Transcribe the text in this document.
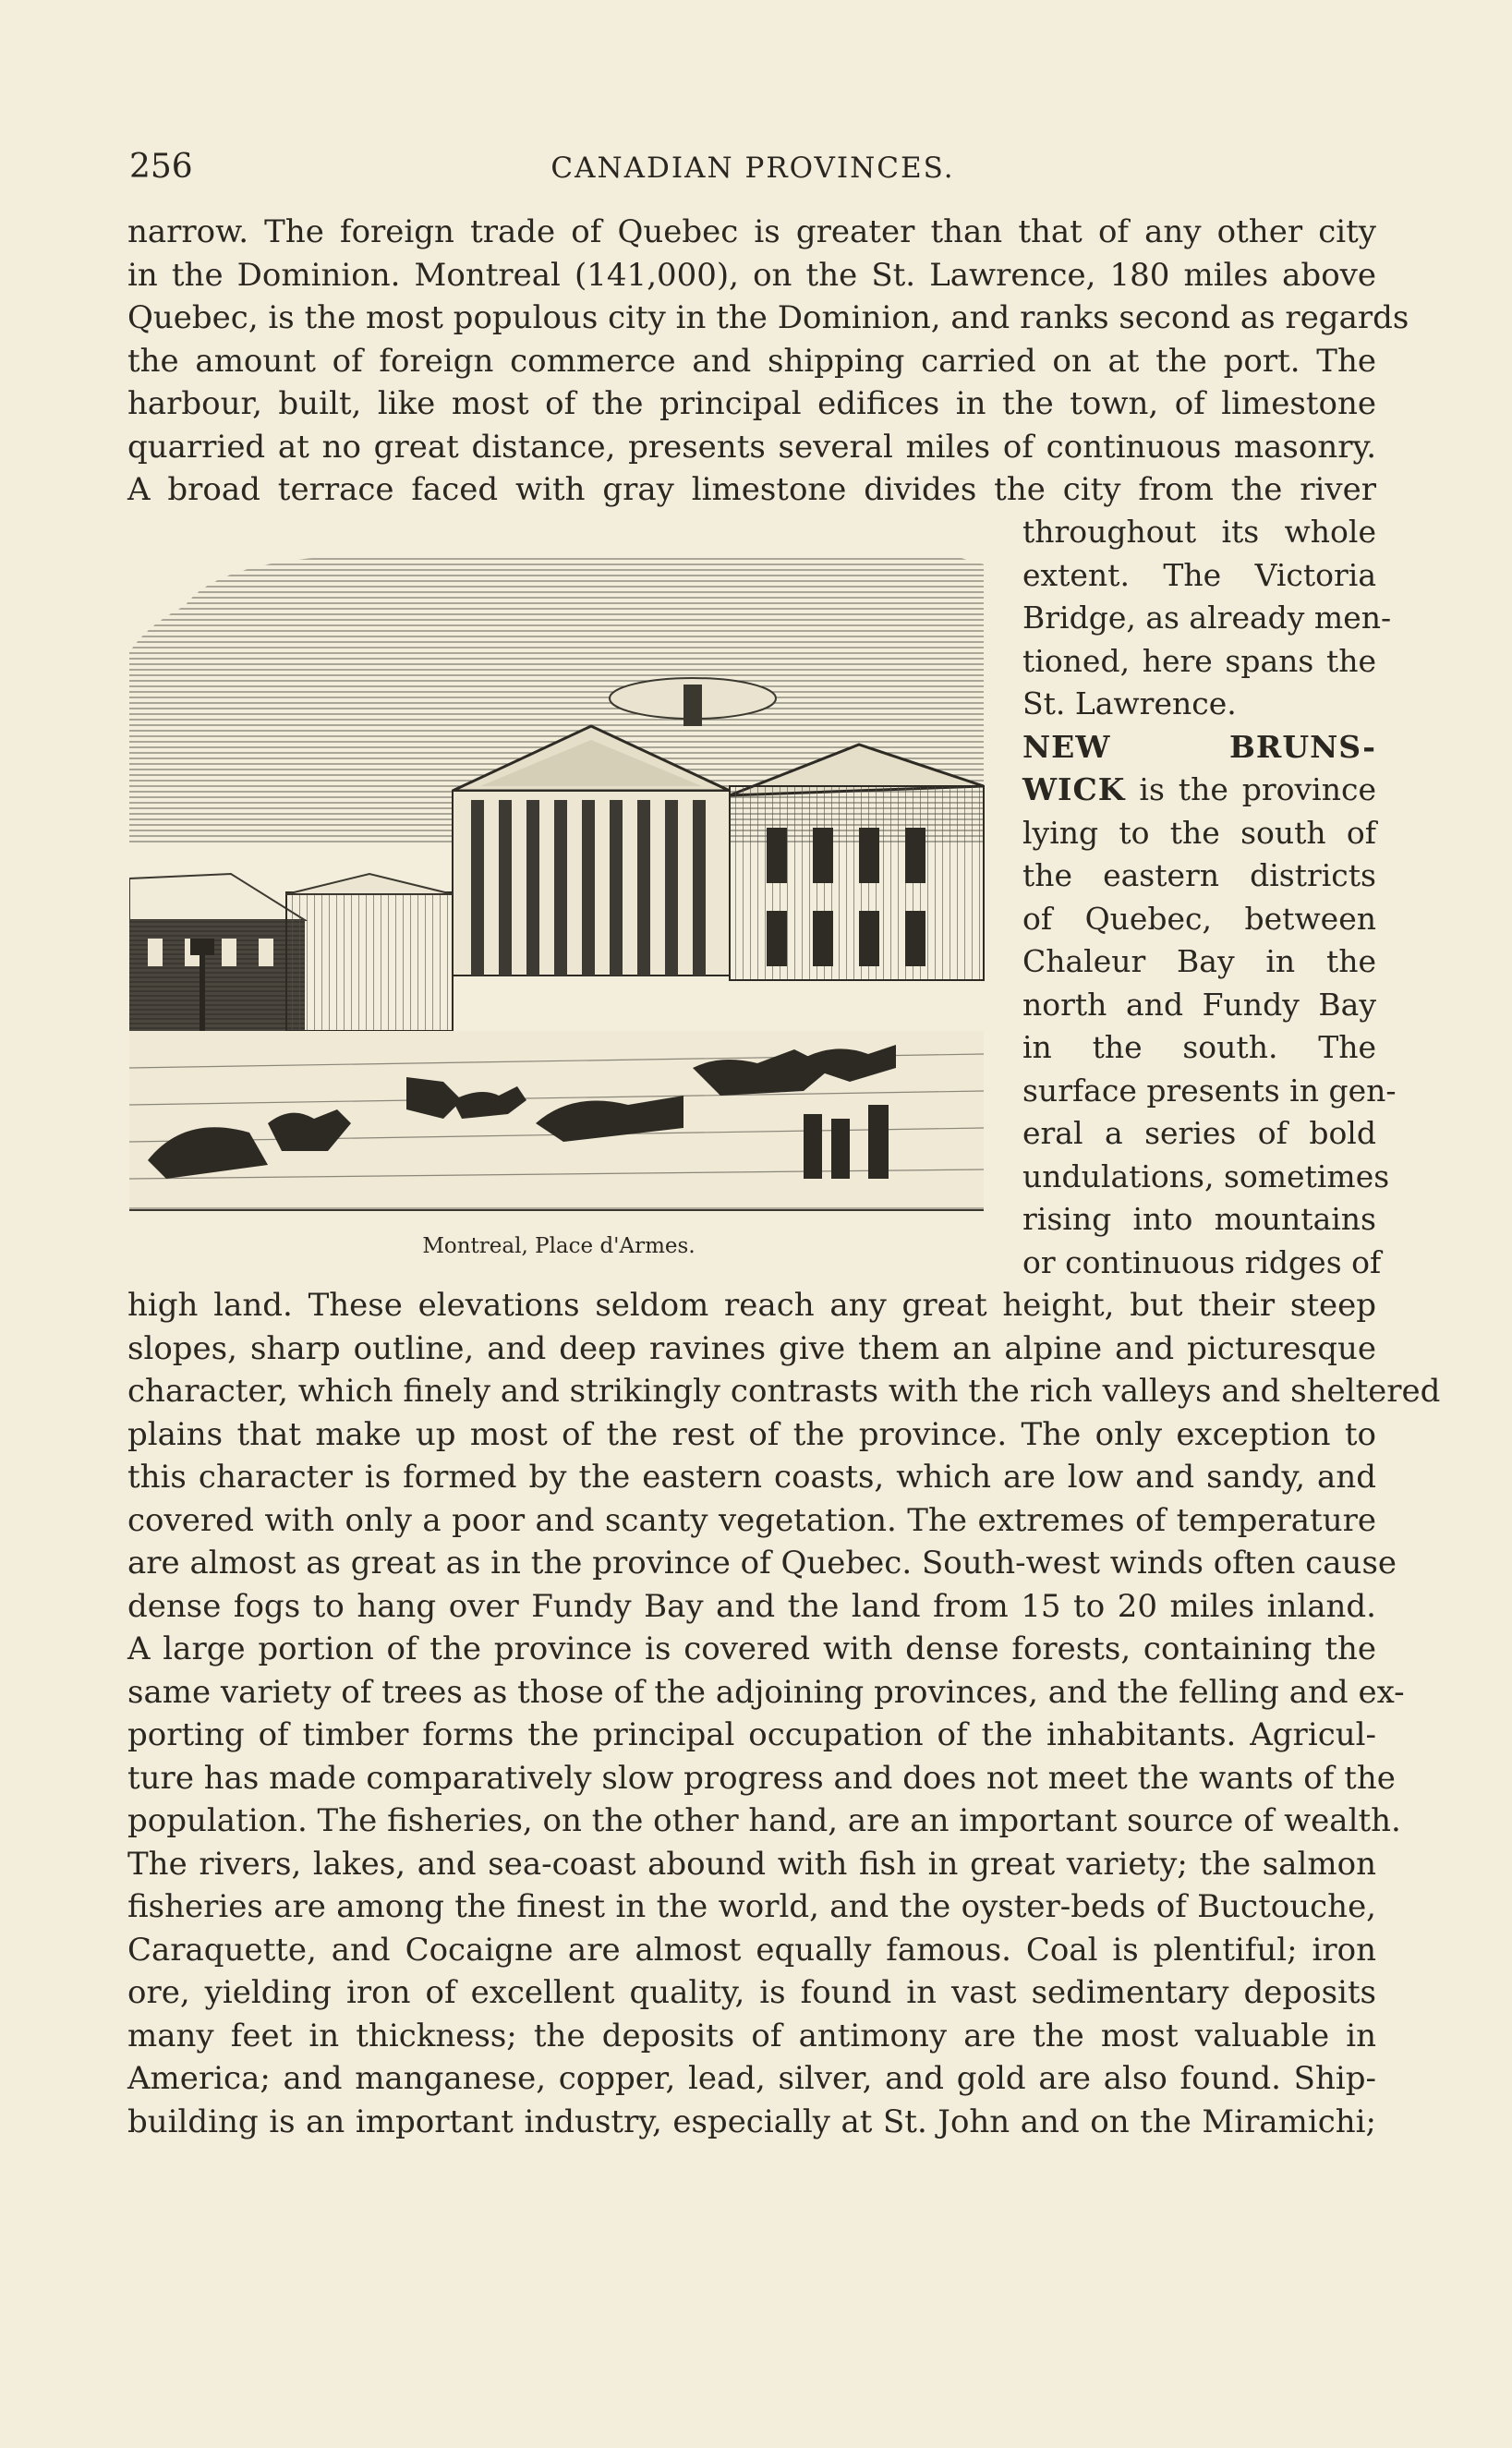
256	CANADIAN PROVINCES.
narrow. The foreign trade of Quebec is greater than that of any other city
in the Dominion. Montreal (141,000), on the St. Lawrence, 180 miles above
Quebec, is the most populous city in the Dominion, and ranks second as regards
the amount of foreign commerce and shipping carried on at the port. The
harbour, built, like most of the principal edifices in the town, of limestone
quarried at no great distance, presents several miles of continuous masonry.
A broad terrace faced with gray limestone divides the city from the river
throughout its whole
extent. The Victoria
Bridge, as already men-
tioned, here spans the
St. Lawrence.
NEW	BRUNS-
WICK is the province
lying to the south of
the eastern districts
of Quebec, between
Chaleur Bay in the
north and Fundy Bay
in the south. The
surface presents in gen-
eral a series of bold
undulations, sometimes
rising into mountains
or continuous ridges of
Montreal, Place d'Armes.
high land. These elevations seldom reach any great height, but their steep
slopes, sharp outline, and deep ravines give them an alpine and picturesque
character, which finely and strikingly contrasts with the rich valleys and sheltered
plains that make up most of the rest of the province. The only exception to
this character is formed by the eastern coasts, which are low and sandy, and
covered with only a poor and scanty vegetation. The extremes of temperature
are almost as great as in the province of Quebec. South-west winds often cause
dense fogs to hang over Fundy Bay and the land from 15 to 20 miles inland.
A large portion of the province is covered with dense forests, containing the
same variety of trees as those of the adjoining provinces, and the felling and ex-
porting of timber forms the principal occupation of the inhabitants. Agricul-
ture has made comparatively slow progress and does not meet the wants of the
population. The fisheries, on the other hand, are an important source of wealth.
The rivers, lakes, and sea-coast abound with fish in great variety; the salmon
fisheries are among the finest in the world, and the oyster-beds of Buctouche,
Caraquette, and Cocaigne are almost equally famous. Coal is plentiful; iron
ore, yielding iron of excellent quality, is found in vast sedimentary deposits
many feet in thickness; the deposits of antimony are the most valuable in
America; and manganese, copper, lead, silver, and gold are also found. Ship-
building is an important industry, especially at St. John and on the Miramichi;
